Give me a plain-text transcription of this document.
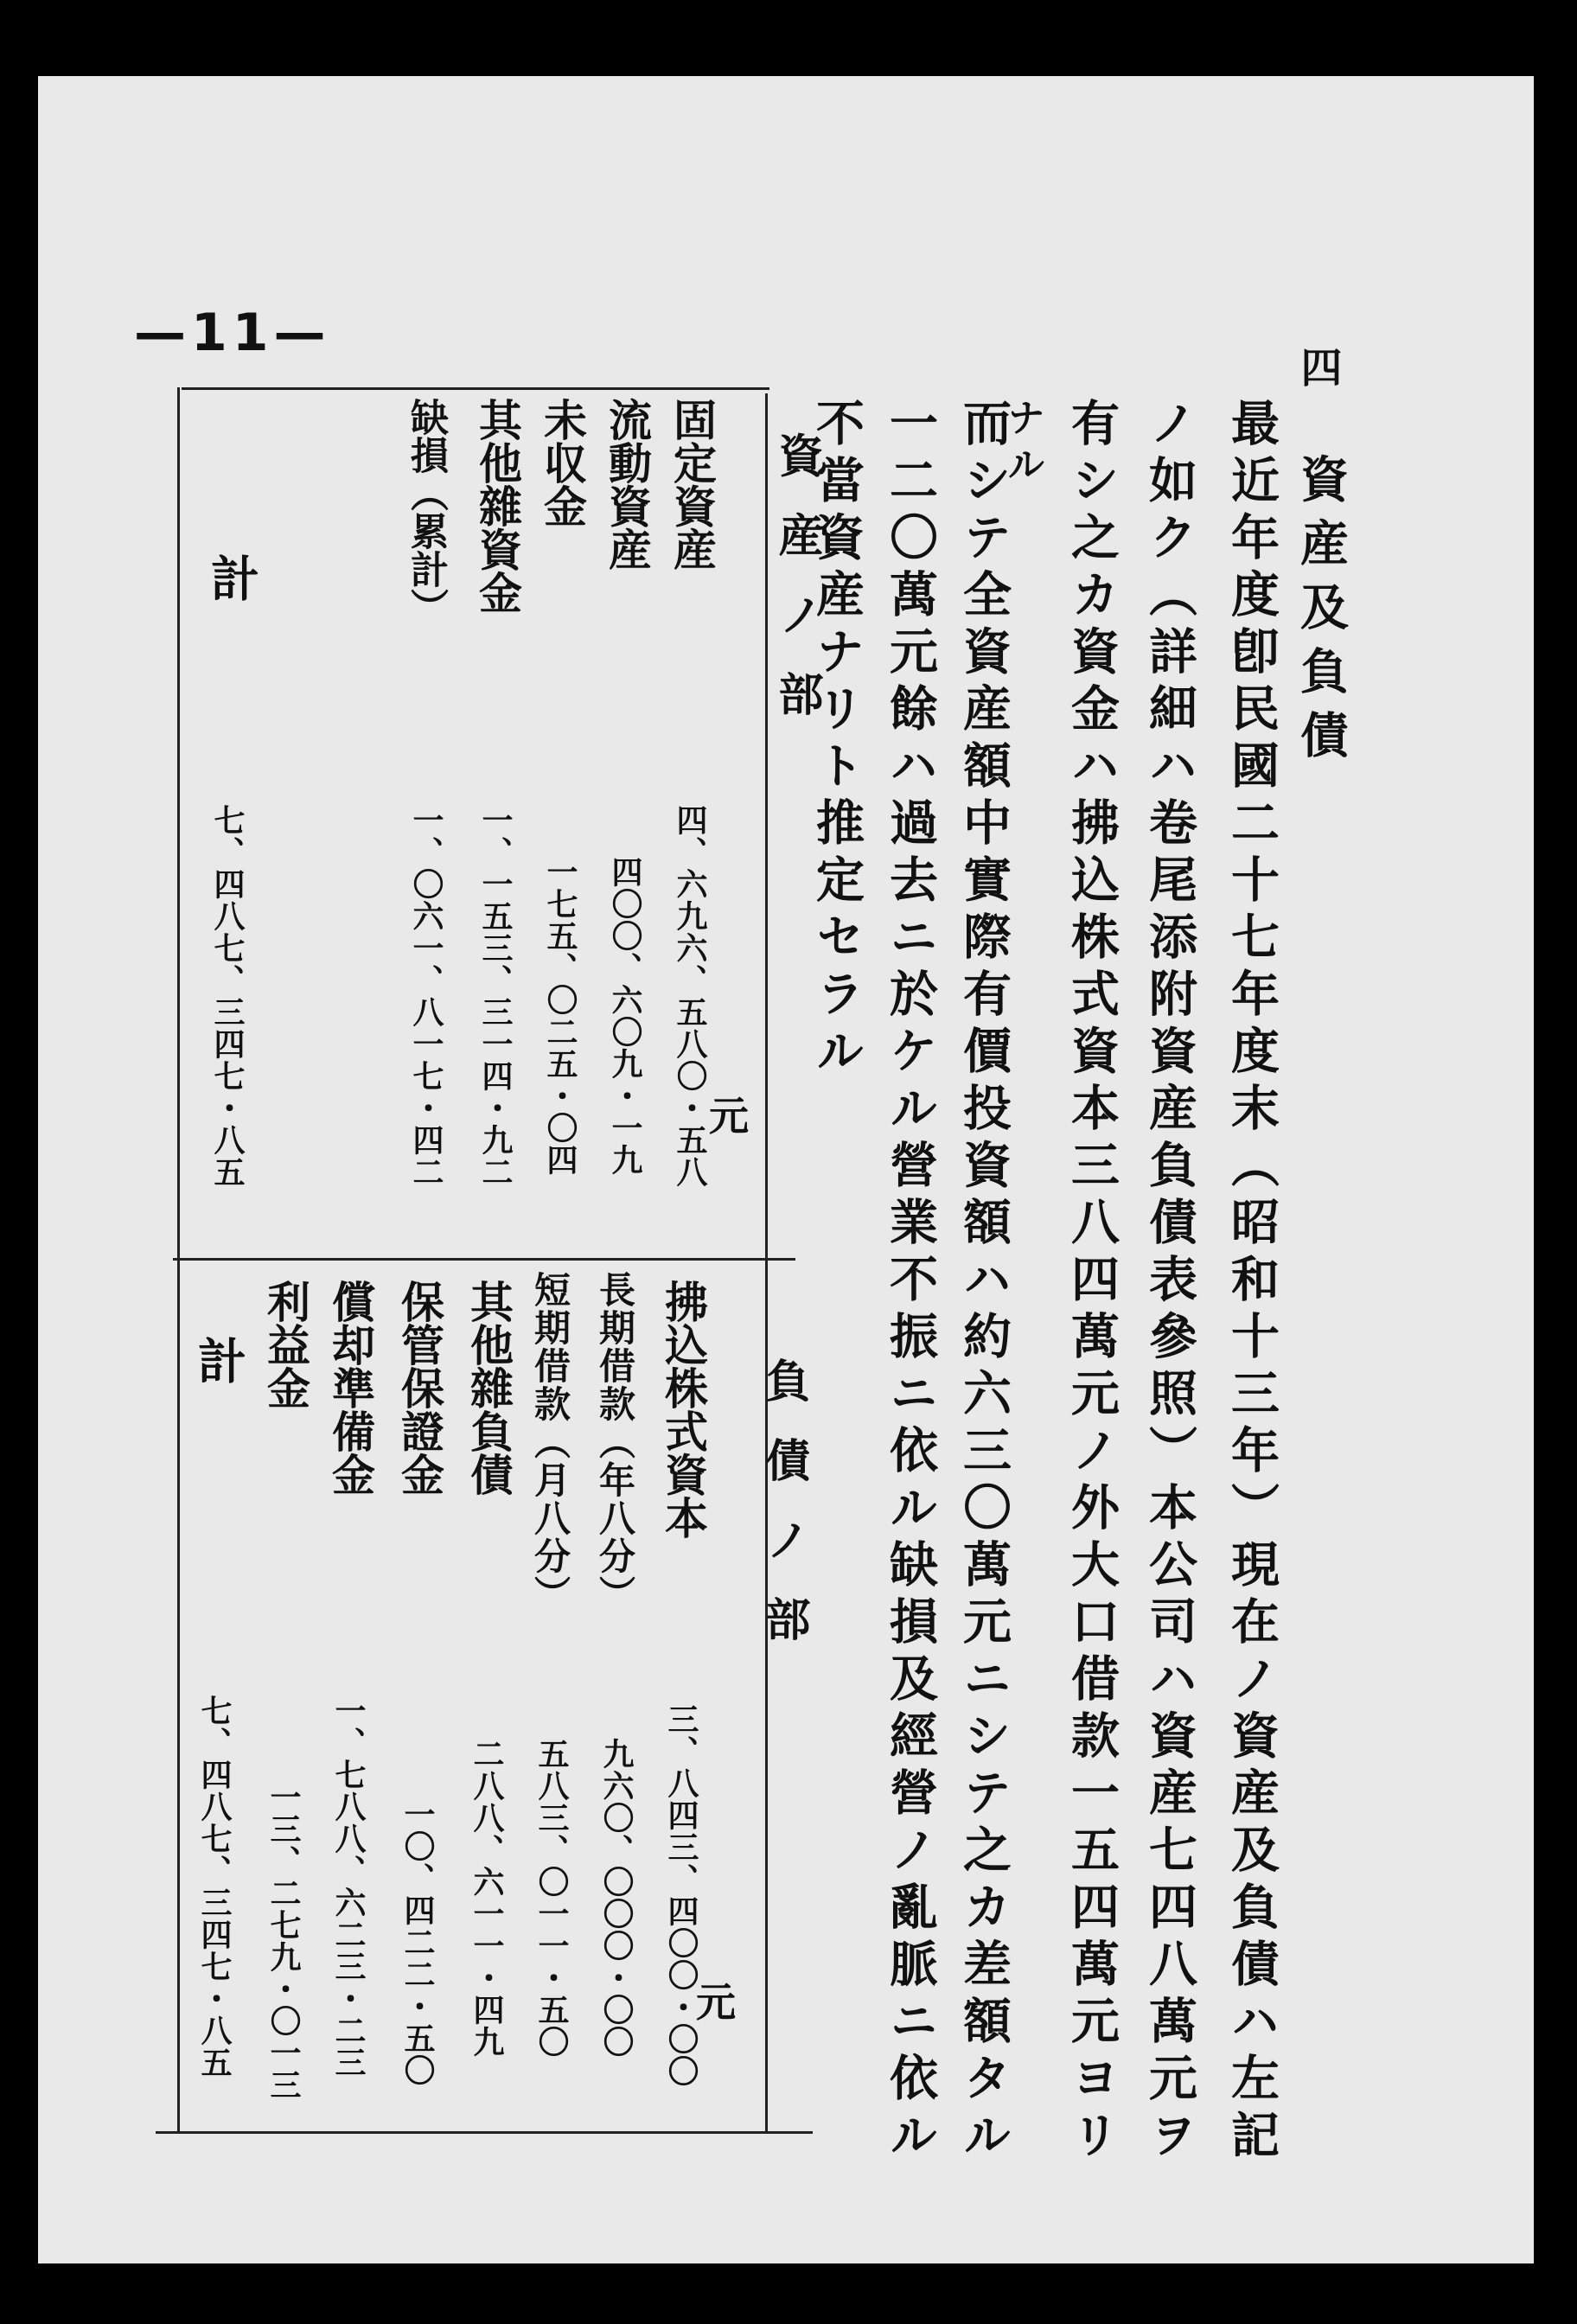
—11—
四
資産及負債
最近年度卽民國二十七年度末（昭和十三年）現在ノ資産及負債ハ左記
ノ如ク（詳細ハ卷尾添附資産負債表參照）本公司ハ資産七四八萬元ヲ
有シ之カ資金ハ拂込株式資本三八四萬元ノ外大口借款一五四萬元ヨリ
ナル
而シテ全資産額中實際有價投資額ハ約六三〇萬元ニシテ之カ差額タル
一二〇萬元餘ハ過去ニ於ケル營業不振ニ依ル缺損及經營ノ亂脈ニ依ル
不當資産ナリト推定セラル
資産ノ部
元
固定資産
四、六九六、五八〇・五八
流動資産
四〇〇、六〇九・一九
未収金
一七五、〇二五・〇四
其他雜資金
一、一五三、三一四・九二
缺損（累計）
一、〇六一、八一七・四二
計
七、四八七、三四七・八五
負債ノ部
元
拂込株式資本
三、八四三、四〇〇・〇〇
長期借款（年八分）
九六〇、〇〇〇・〇〇
短期借款（月八分）
五八三、〇一一・五〇
其他雜負債
二八八、六一一・四九
保管保證金
一〇、四二二・五〇
償却準備金
一、七八八、六二三・二三
利益金
一三、二七九・〇一三
計
七、四八七、三四七・八五
